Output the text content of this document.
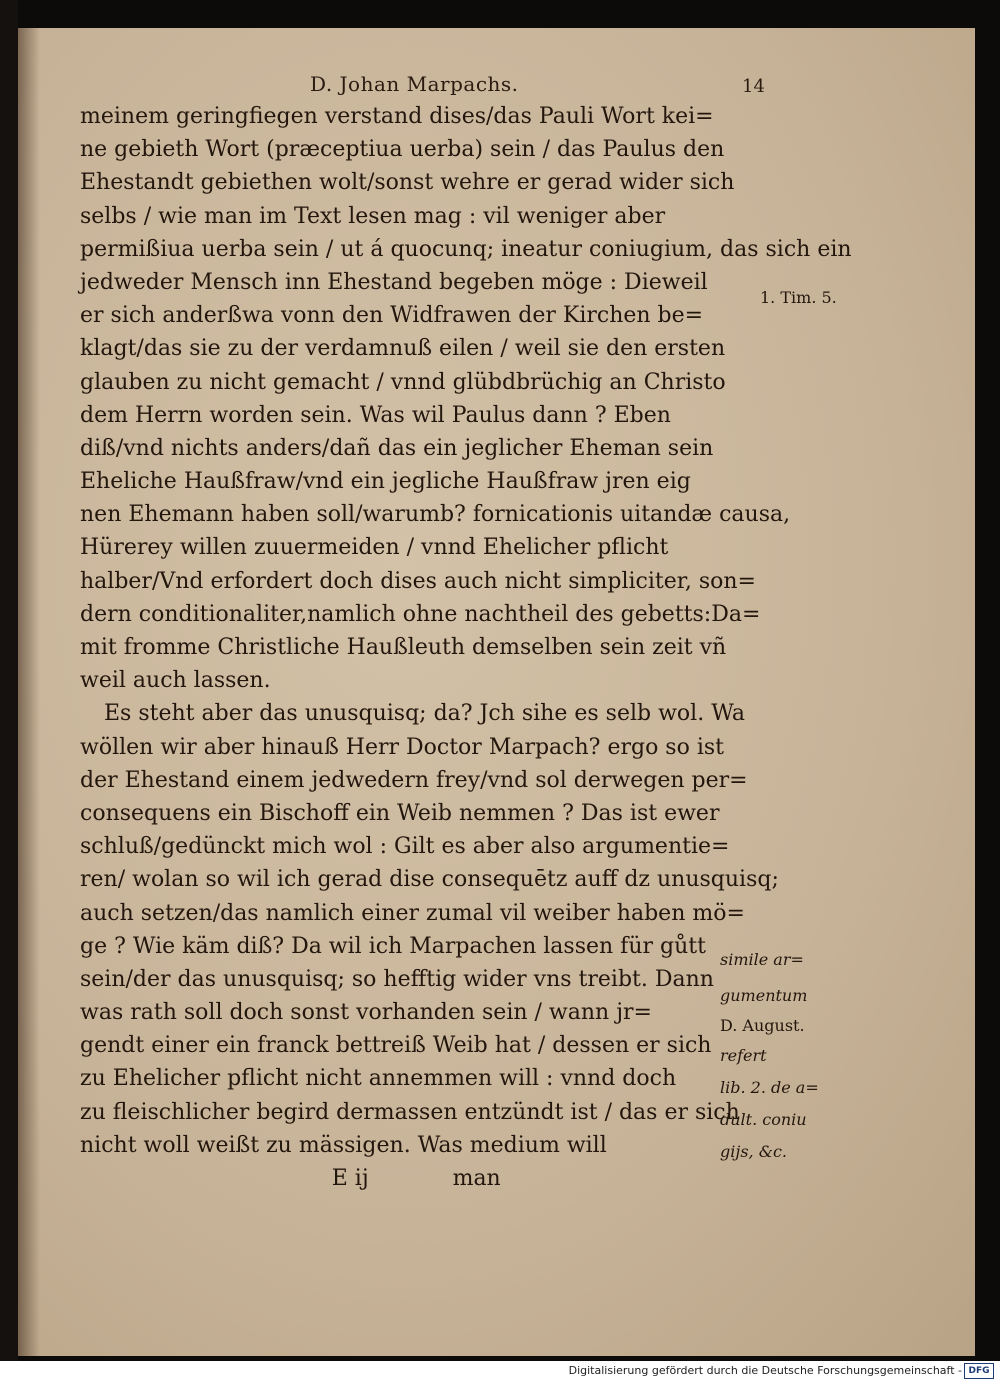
D. Johan Marpachs.	14
meinem geringfiegen verstand dises/das Pauli Wort kei=
ne gebieth Wort (præceptiua uerba) sein / das Paulus den
Ehestandt gebiethen wolt/sonst wehre er gerad wider sich
selbs / wie man im Text lesen mag : vil weniger aber
permißiua uerba sein / ut á quocunq; ineatur coniugium, das sich ein
jedweder Mensch inn Ehestand begeben möge : Dieweil
er sich anderßwa vonn den Widfrawen der Kirchen be=
klagt/das sie zu der verdamnuß eilen / weil sie den ersten
glauben zu nicht gemacht / vnnd glübdbrüchig an Christo
dem Herrn worden sein. Was wil Paulus dann ? Eben
diß/vnd nichts anders/dañ das ein jeglicher Eheman sein
Eheliche Haußfraw/vnd ein jegliche Haußfraw jren eig
nen Ehemann haben soll/warumb? fornicationis uitandæ causa,
Hürerey willen zuuermeiden / vnnd Ehelicher pflicht
halber/Vnd erfordert doch dises auch nicht simpliciter, son=
dern conditionaliter,namlich ohne nachtheil des gebetts:Da=
mit fromme Christliche Haußleuth demselben sein zeit vñ
weil auch lassen.
Es steht aber das unusquisq; da? Jch sihe es selb wol. Wa
wöllen wir aber hinauß Herr Doctor Marpach? ergo so ist
der Ehestand einem jedwedern frey/vnd sol derwegen per=
consequens ein Bischoff ein Weib nemmen ? Das ist ewer
schluß/gedünckt mich wol : Gilt es aber also argumentie=
ren/ wolan so wil ich gerad dise consequētz auff dz unusquisq;
auch setzen/das namlich einer zumal vil weiber haben mö=
ge ? Wie käm diß? Da wil ich Marpachen lassen für gůtt
sein/der das unusquisq; so hefftig wider vns treibt. Dann
was rath soll doch sonst vorhanden sein / wann jr=
gendt einer ein franck bettreiß Weib hat / dessen er sich
zu Ehelicher pflicht nicht annemmen will : vnnd doch
zu fleischlicher begird dermassen entzündt ist / das er sich
nicht woll weißt zu mässigen. Was medium will
E ij            man
1. Tim. 5.
simile ar=
gumentum
D. August.
refert
lib. 2. de a=
dult. coniu
gijs, &c.
Digitalisierung gefördert durch die Deutsche Forschungsgemeinschaft - DFG
